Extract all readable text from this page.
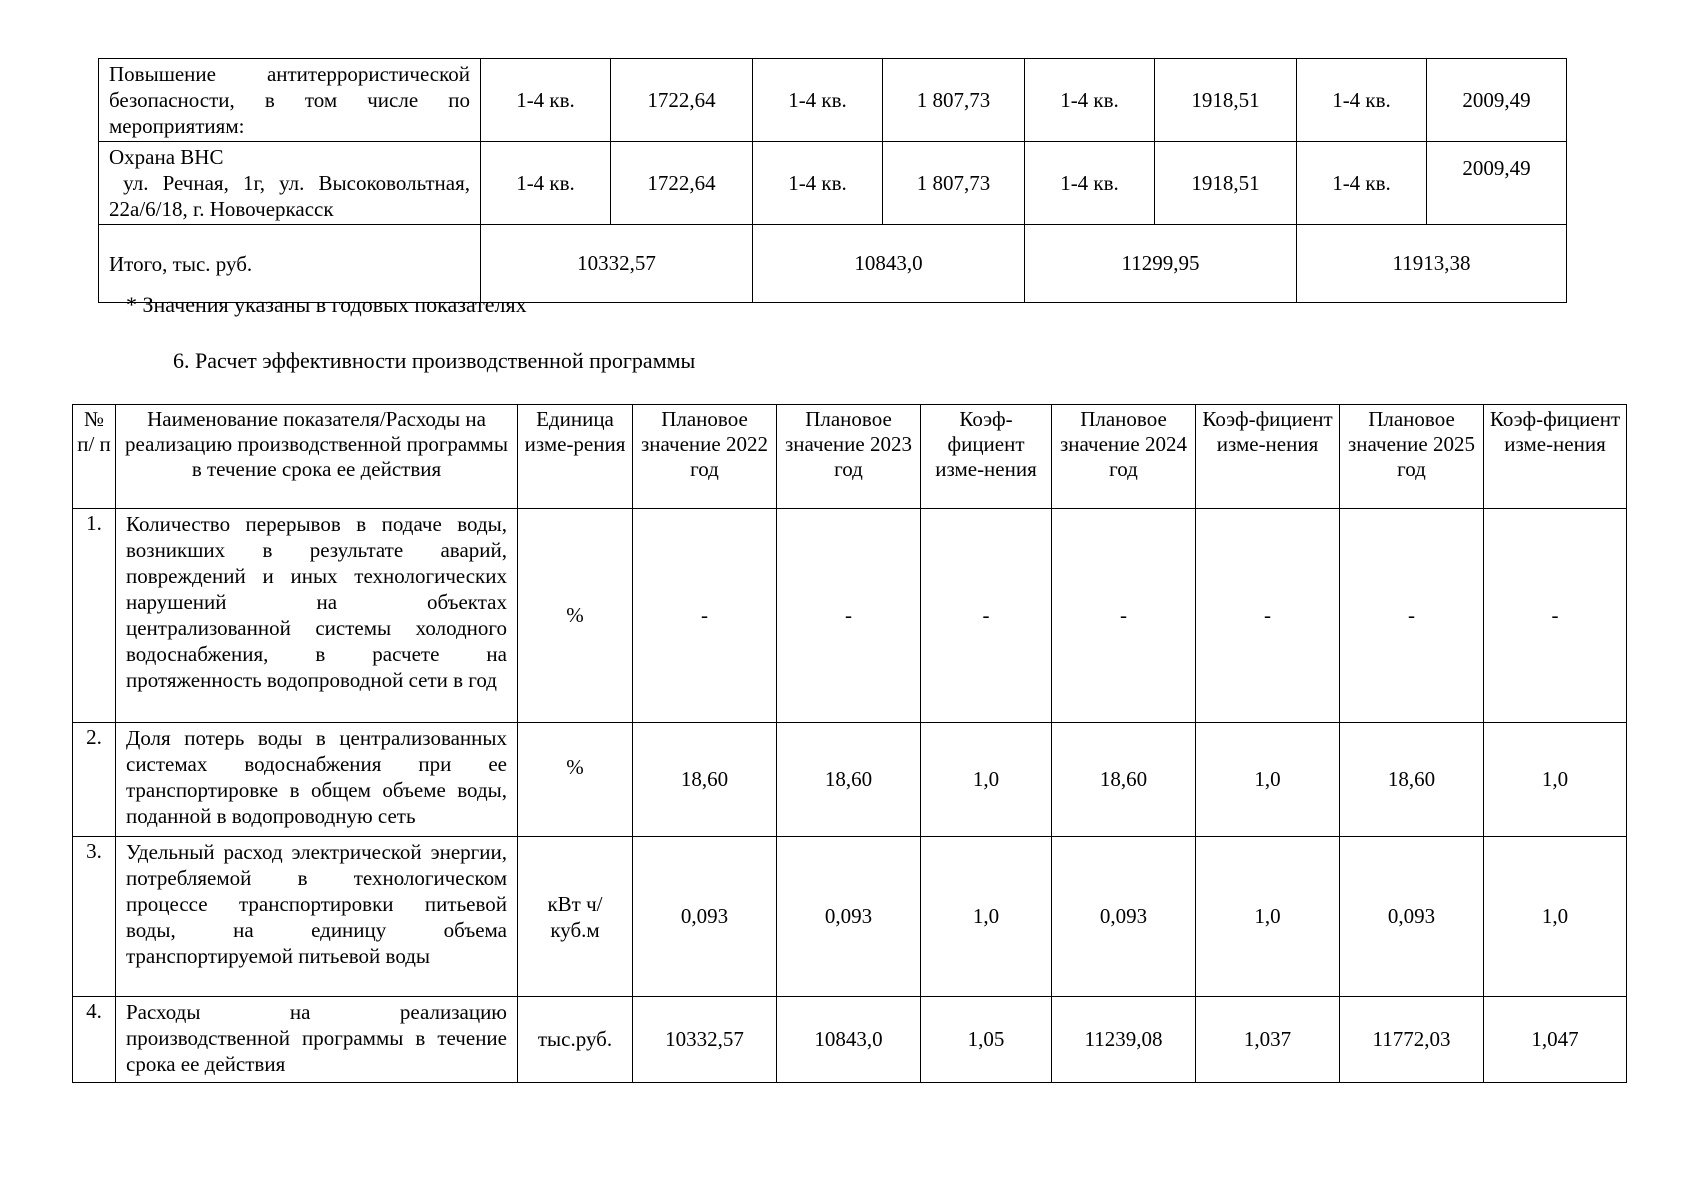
Повышение антитеррористической безопасности, в том числе по мероприятиям:	1-4 кв.	1722,64	1-4 кв.	1 807,73	1-4 кв.	1918,51	1-4 кв.	2009,49

Охрана ВНС
ул. Речная, 1г, ул. Высоковольтная, 22а/6/18, г. Новочеркасск	1-4 кв.	1722,64	1-4 кв.	1 807,73	1-4 кв.	1918,51	1-4 кв.	2009,49
Итого, тыс. руб.	10332,57		10843,0		11299,95		11913,38	
* Значения указаны в годовых показателях
6. Расчет эффективности производственной программы
№ п/ п	Наименование показателя/Расходы на реализацию производственной программы в течение срока ее действия	Единица изме-рения	Плановое значение 2022 год	Плановое значение 2023 год	Коэф-фициент изме-нения	Плановое значение 2024 год	Коэф-фициент изме-нения	Плановое значение 2025 год	Коэф-фициент изме-нения
1.	Количество перерывов в подаче воды, возникших в результате аварий, повреждений и иных технологических нарушений на объектах централизованной системы холодного водоснабжения, в расчете на протяженность водопроводной сети в год	%	-	-	-	-	-	-	-
2.	Доля потерь воды в централизованных системах водоснабжения при ее транспортировке в общем объеме воды, поданной в водопроводную сеть	%	18,60	18,60	1,0	18,60	1,0	18,60	1,0
3.	Удельный расход электрической энергии, потребляемой в технологическом процессе транспортировки питьевой воды, на единицу объема транспортируемой питьевой воды	кВт ч/куб.м	0,093	0,093	1,0	0,093	1,0	0,093	1,0
4.	Расходы на реализацию производственной программы в течение срока ее действия	тыс.руб.	10332,57	10843,0	1,05	11239,08	1,037	11772,03	1,047
